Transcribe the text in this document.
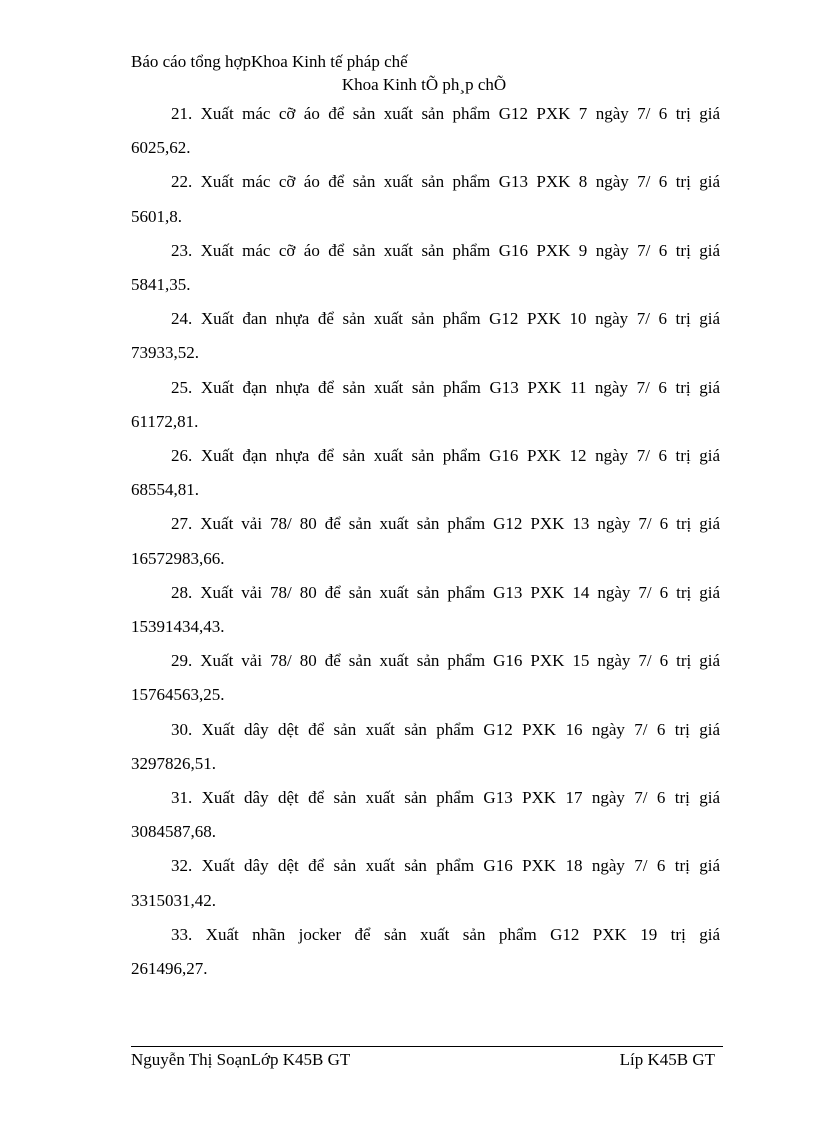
Báo cáo tổng hợpKhoa Kinh tế pháp chế
Khoa Kinh tÕ ph¸p chÕ

21. Xuất mác cỡ áo để sản xuất sản phẩm G12 PXK 7 ngày 7/ 6 trị giá
6025,62.

22. Xuất mác cỡ áo để sản xuất sản phẩm G13 PXK 8 ngày 7/ 6 trị giá
5601,8.

23. Xuất mác cỡ áo để sản xuất sản phẩm G16 PXK 9 ngày 7/ 6 trị giá
5841,35.

24. Xuất đan nhựa để sản xuất sản phẩm G12 PXK 10 ngày 7/ 6 trị giá
73933,52.

25. Xuất đạn nhựa để sản xuất sản phẩm G13 PXK 11 ngày 7/ 6 trị giá
61172,81.

26. Xuất đạn nhựa để sản xuất sản phẩm G16 PXK 12 ngày 7/ 6 trị giá
68554,81.

27. Xuất vải 78/ 80 để sản xuất sản phẩm G12 PXK 13 ngày 7/ 6 trị giá
16572983,66.

28. Xuất vải 78/ 80 để sản xuất sản phẩm G13 PXK 14 ngày 7/ 6 trị giá
15391434,43.

29. Xuất vải 78/ 80 để sản xuất sản phẩm G16 PXK 15 ngày 7/ 6 trị giá
15764563,25.

30. Xuất dây dệt để sản xuất sản phẩm G12 PXK 16 ngày 7/ 6 trị giá
3297826,51.

31. Xuất dây dệt để sản xuất sản phẩm G13 PXK 17 ngày 7/ 6 trị giá
3084587,68.

32. Xuất dây dệt để sản xuất sản phẩm G16 PXK 18 ngày 7/ 6 trị giá
3315031,42.

33. Xuất nhãn jocker để sản xuất sản phẩm G12 PXK 19 trị giá
261496,27.

Nguyễn Thị SoạnLớp K45B GT	Líp K45B GT
